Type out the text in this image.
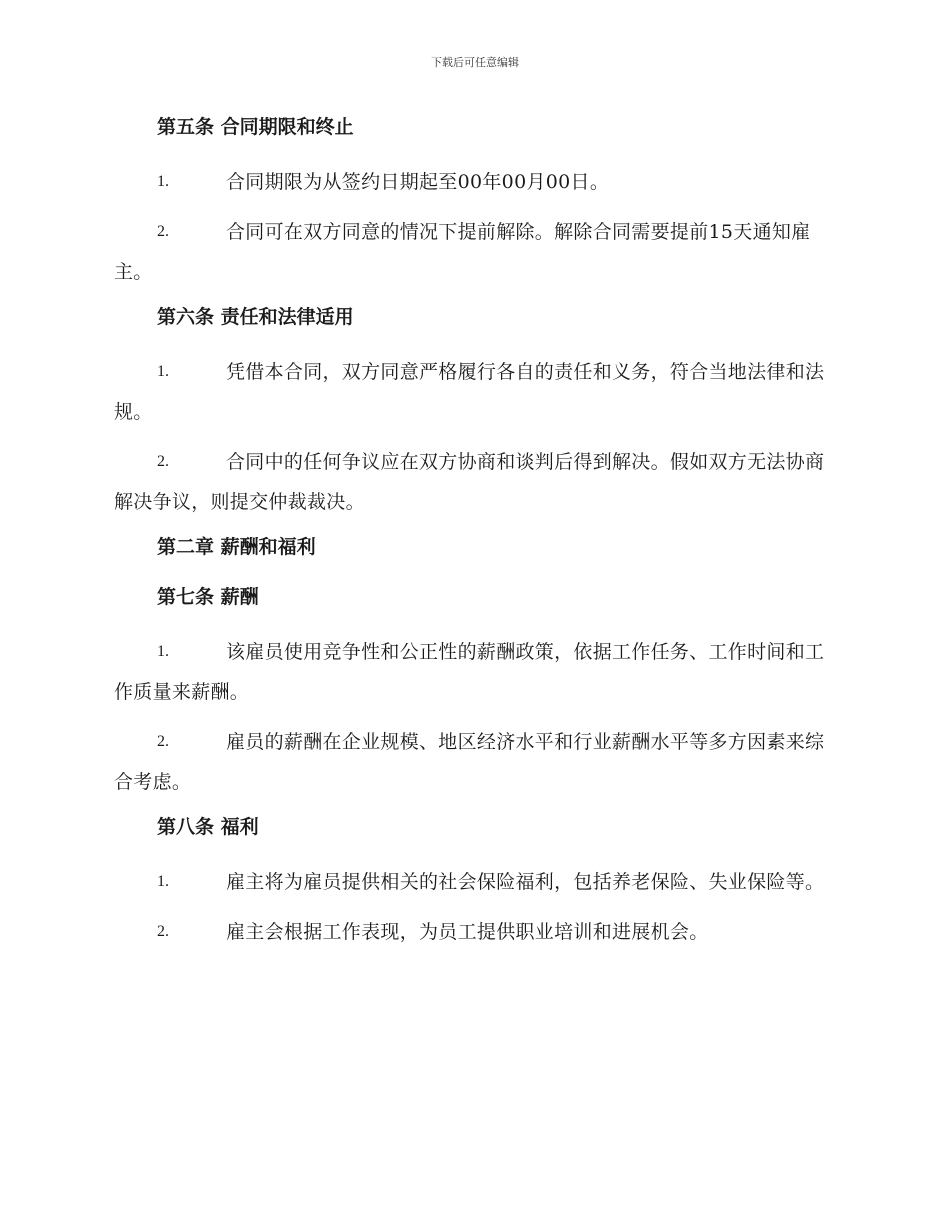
下载后可任意编辑
第五条 合同期限和终止
1.	合同期限为从签约日期起至00年00月00日。
2.	合同可在双方同意的情况下提前解除。解除合同需要提前15天通知雇主。
第六条 责任和法律适用
1.	凭借本合同，双方同意严格履行各自的责任和义务，符合当地法律和法规。
2.	合同中的任何争议应在双方协商和谈判后得到解决。假如双方无法协商解决争议，则提交仲裁裁决。
第二章 薪酬和福利
第七条 薪酬
1.	该雇员使用竞争性和公正性的薪酬政策，依据工作任务、工作时间和工作质量来薪酬。
2.	雇员的薪酬在企业规模、地区经济水平和行业薪酬水平等多方因素来综合考虑。
第八条 福利
1.	雇主将为雇员提供相关的社会保险福利，包括养老保险、失业保险等。
2.	雇主会根据工作表现，为员工提供职业培训和进展机会。
